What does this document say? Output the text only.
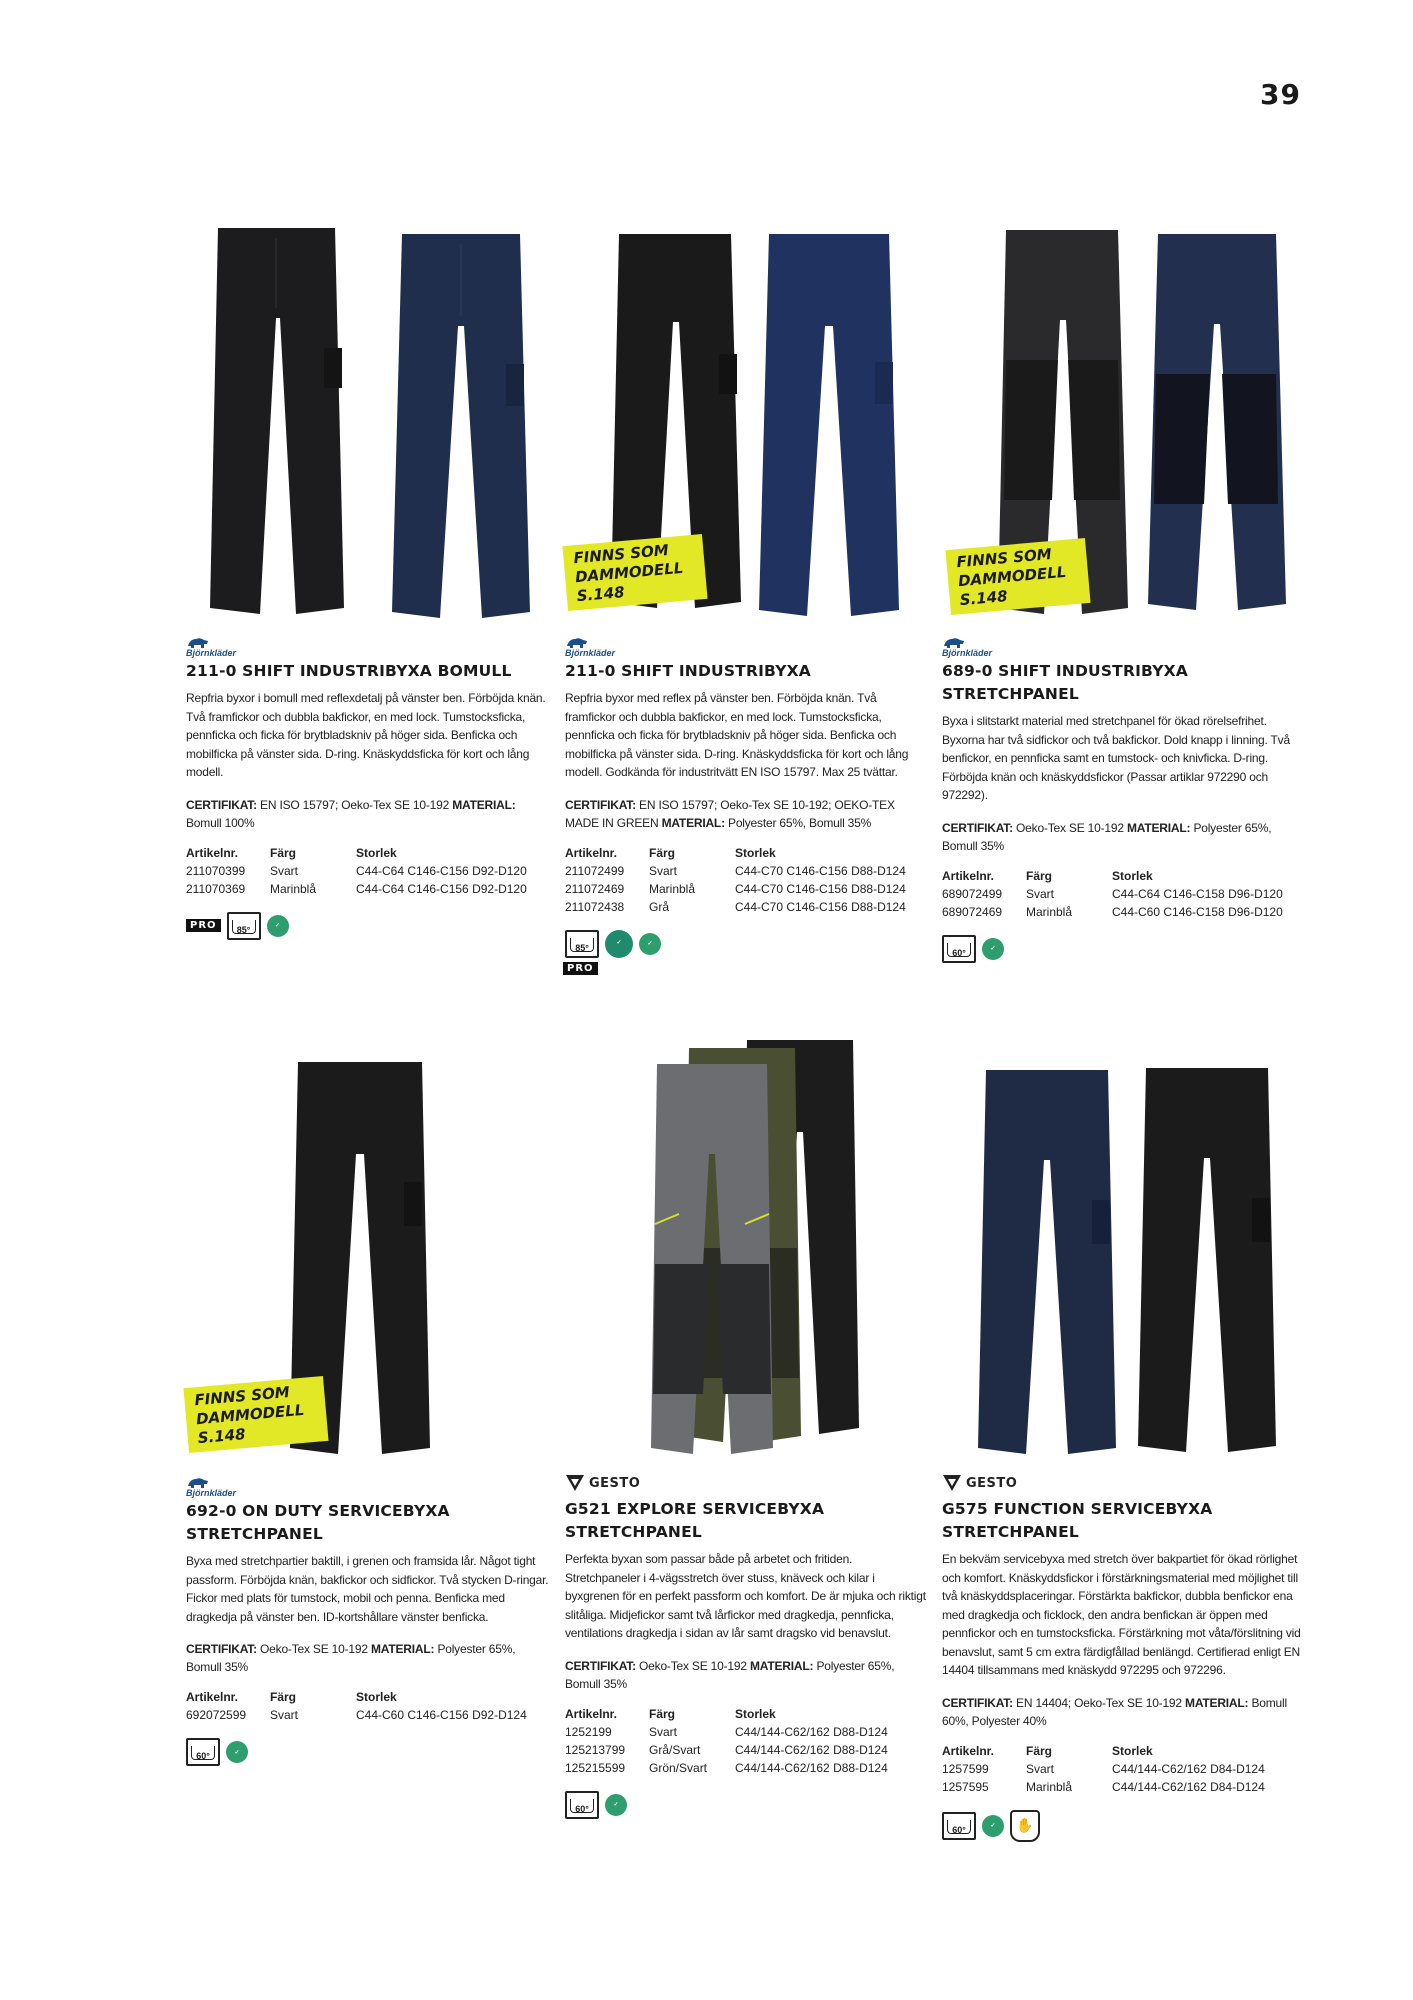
39
Björnkläder
211-0 SHIFT INDUSTRIBYXA BOMULL
Repfria byxor i bomull med reflexdetalj på vänster ben. Förböjda knän. Två framfickor och dubbla bakfickor, en med lock. Tumstocksficka, pennficka och ficka för brytbladskniv på höger sida. Benficka och mobilficka på vänster sida. D-ring. Knäskyddsficka för kort och lång modell.
CERTIFIKAT: EN ISO 15797; Oeko-Tex SE 10-192 MATERIAL: Bomull 100%
Artikelnr.	Färg	Storlek
211070399	Svart	C44-C64 C146-C156 D92-D120
211070369	Marinblå	C44-C64 C146-C156 D92-D120
PRO	85°	✓
FINNS SOM DAMMODELL S.148
Björnkläder
211-0 SHIFT INDUSTRIBYXA
Repfria byxor med reflex på vänster ben. Förböjda knän. Två framfickor och dubbla bakfickor, en med lock. Tumstocksficka, pennficka och ficka för brytbladskniv på höger sida. Benficka och mobilficka på vänster sida. D-ring. Knäskyddsficka för kort och lång modell. Godkända för industritvätt EN ISO 15797. Max 25 tvättar.
CERTIFIKAT: EN ISO 15797; Oeko-Tex SE 10-192; OEKO-TEX MADE IN GREEN MATERIAL: Polyester 65%, Bomull 35%
Artikelnr.	Färg	Storlek
211072499	Svart	C44-C70 C146-C156 D88-D124
211072469	Marinblå	C44-C70 C146-C156 D88-D124
211072438	Grå	C44-C70 C146-C156 D88-D124
85°	✓	✓
PRO
FINNS SOM DAMMODELL S.148
Björnkläder
689-0 SHIFT INDUSTRIBYXA STRETCHPANEL
Byxa i slitstarkt material med stretchpanel för ökad rörelsefrihet. Byxorna har två sidfickor och två bakfickor. Dold knapp i linning. Två benfickor, en pennficka samt en tumstock- och knivficka. D-ring. Förböjda knän och knäskyddsfickor (Passar artiklar 972290 och 972292).
CERTIFIKAT: Oeko-Tex SE 10-192 MATERIAL: Polyester 65%, Bomull 35%
Artikelnr.	Färg	Storlek
689072499	Svart	C44-C64 C146-C158 D96-D120
689072469	Marinblå	C44-C60 C146-C158 D96-D120
60°	✓
FINNS SOM DAMMODELL S.148
Björnkläder
692-0 ON DUTY SERVICEBYXA STRETCHPANEL
Byxa med stretchpartier baktill, i grenen och framsida lår. Något tight passform. Förböjda knän, bakfickor och sidfickor. Två stycken D-ringar. Fickor med plats för tumstock, mobil och penna. Benficka med dragkedja på vänster ben. ID-kortshållare vänster benficka.
CERTIFIKAT: Oeko-Tex SE 10-192 MATERIAL: Polyester 65%, Bomull 35%
Artikelnr.	Färg	Storlek
692072599	Svart	C44-C60 C146-C156 D92-D124
60°	✓
GESTO
G521 EXPLORE SERVICEBYXA STRETCHPANEL
Perfekta byxan som passar både på arbetet och fritiden. Stretchpaneler i 4-vägsstretch över stuss, knäveck och kilar i byxgrenen för en perfekt passform och komfort. De är mjuka och riktigt slitåliga. Midjefickor samt två lårfickor med dragkedja, pennficka, ventilations dragkedja i sidan av lår samt dragsko vid benavslut.
CERTIFIKAT: Oeko-Tex SE 10-192 MATERIAL: Polyester 65%, Bomull 35%
Artikelnr.	Färg	Storlek
1252199	Svart	C44/144-C62/162 D88-D124
125213799	Grå/Svart	C44/144-C62/162 D88-D124
125215599	Grön/Svart	C44/144-C62/162 D88-D124
60°	✓
GESTO
G575 FUNCTION SERVICEBYXA STRETCHPANEL
En bekväm servicebyxa med stretch över bakpartiet för ökad rörlighet och komfort. Knäskyddsfickor i förstärkningsmaterial med möjlighet till två knäskyddsplaceringar. Förstärkta bakfickor, dubbla benfickor ena med dragkedja och ficklock, den andra benfickan är öppen med pennfickor och en tumstocksficka. Förstärkning mot våta/förslitning vid benavslut, samt 5 cm extra färdigfållad benlängd. Certifierad enligt EN 14404 tillsammans med knäskydd 972295 och 972296.
CERTIFIKAT: EN 14404; Oeko-Tex SE 10-192 MATERIAL: Bomull 60%, Polyester 40%
Artikelnr.	Färg	Storlek
1257599	Svart	C44/144-C62/162 D84-D124
1257595	Marinblå	C44/144-C62/162 D84-D124
60°	✓	✋
